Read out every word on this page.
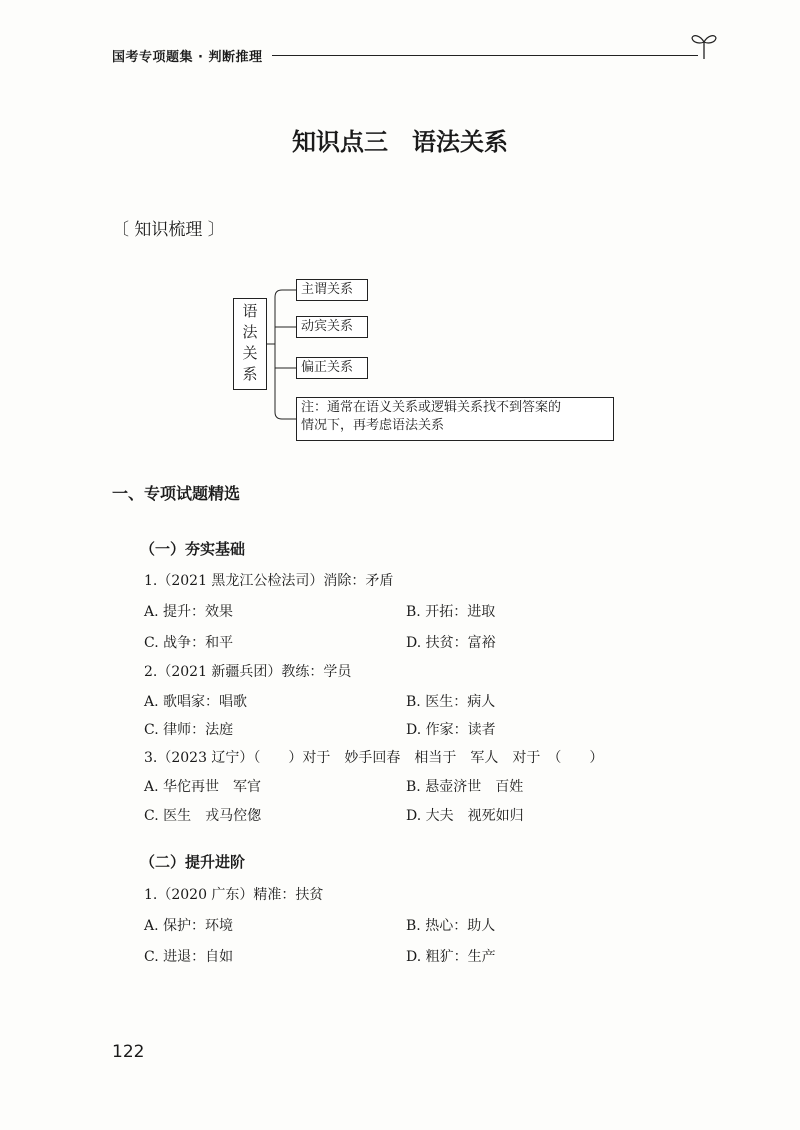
国考专项题集 · 判断推理
知识点三 语法关系
〔 知识梳理 〕
语
法
关
系
主谓关系
动宾关系
偏正关系
注：通常在语义关系或逻辑关系找不到答案的
情况下，再考虑语法关系
一、专项试题精选
（一）夯实基础
1.（2021 黑龙江公检法司）消除：矛盾
A. 提升：效果	B. 开拓：进取
C. 战争：和平	D. 扶贫：富裕
2.（2021 新疆兵团）教练：学员
A. 歌唱家：唱歌	B. 医生：病人
C. 律师：法庭	D. 作家：读者
3.（2023 辽宁）（　　）对于　妙手回春　相当于　军人　对于　（　　）
A. 华佗再世　军官	B. 悬壶济世　百姓
C. 医生　戎马倥偬	D. 大夫　视死如归
（二）提升进阶
1.（2020 广东）精准：扶贫
A. 保护：环境	B. 热心：助人
C. 进退：自如	D. 粗犷：生产
122
